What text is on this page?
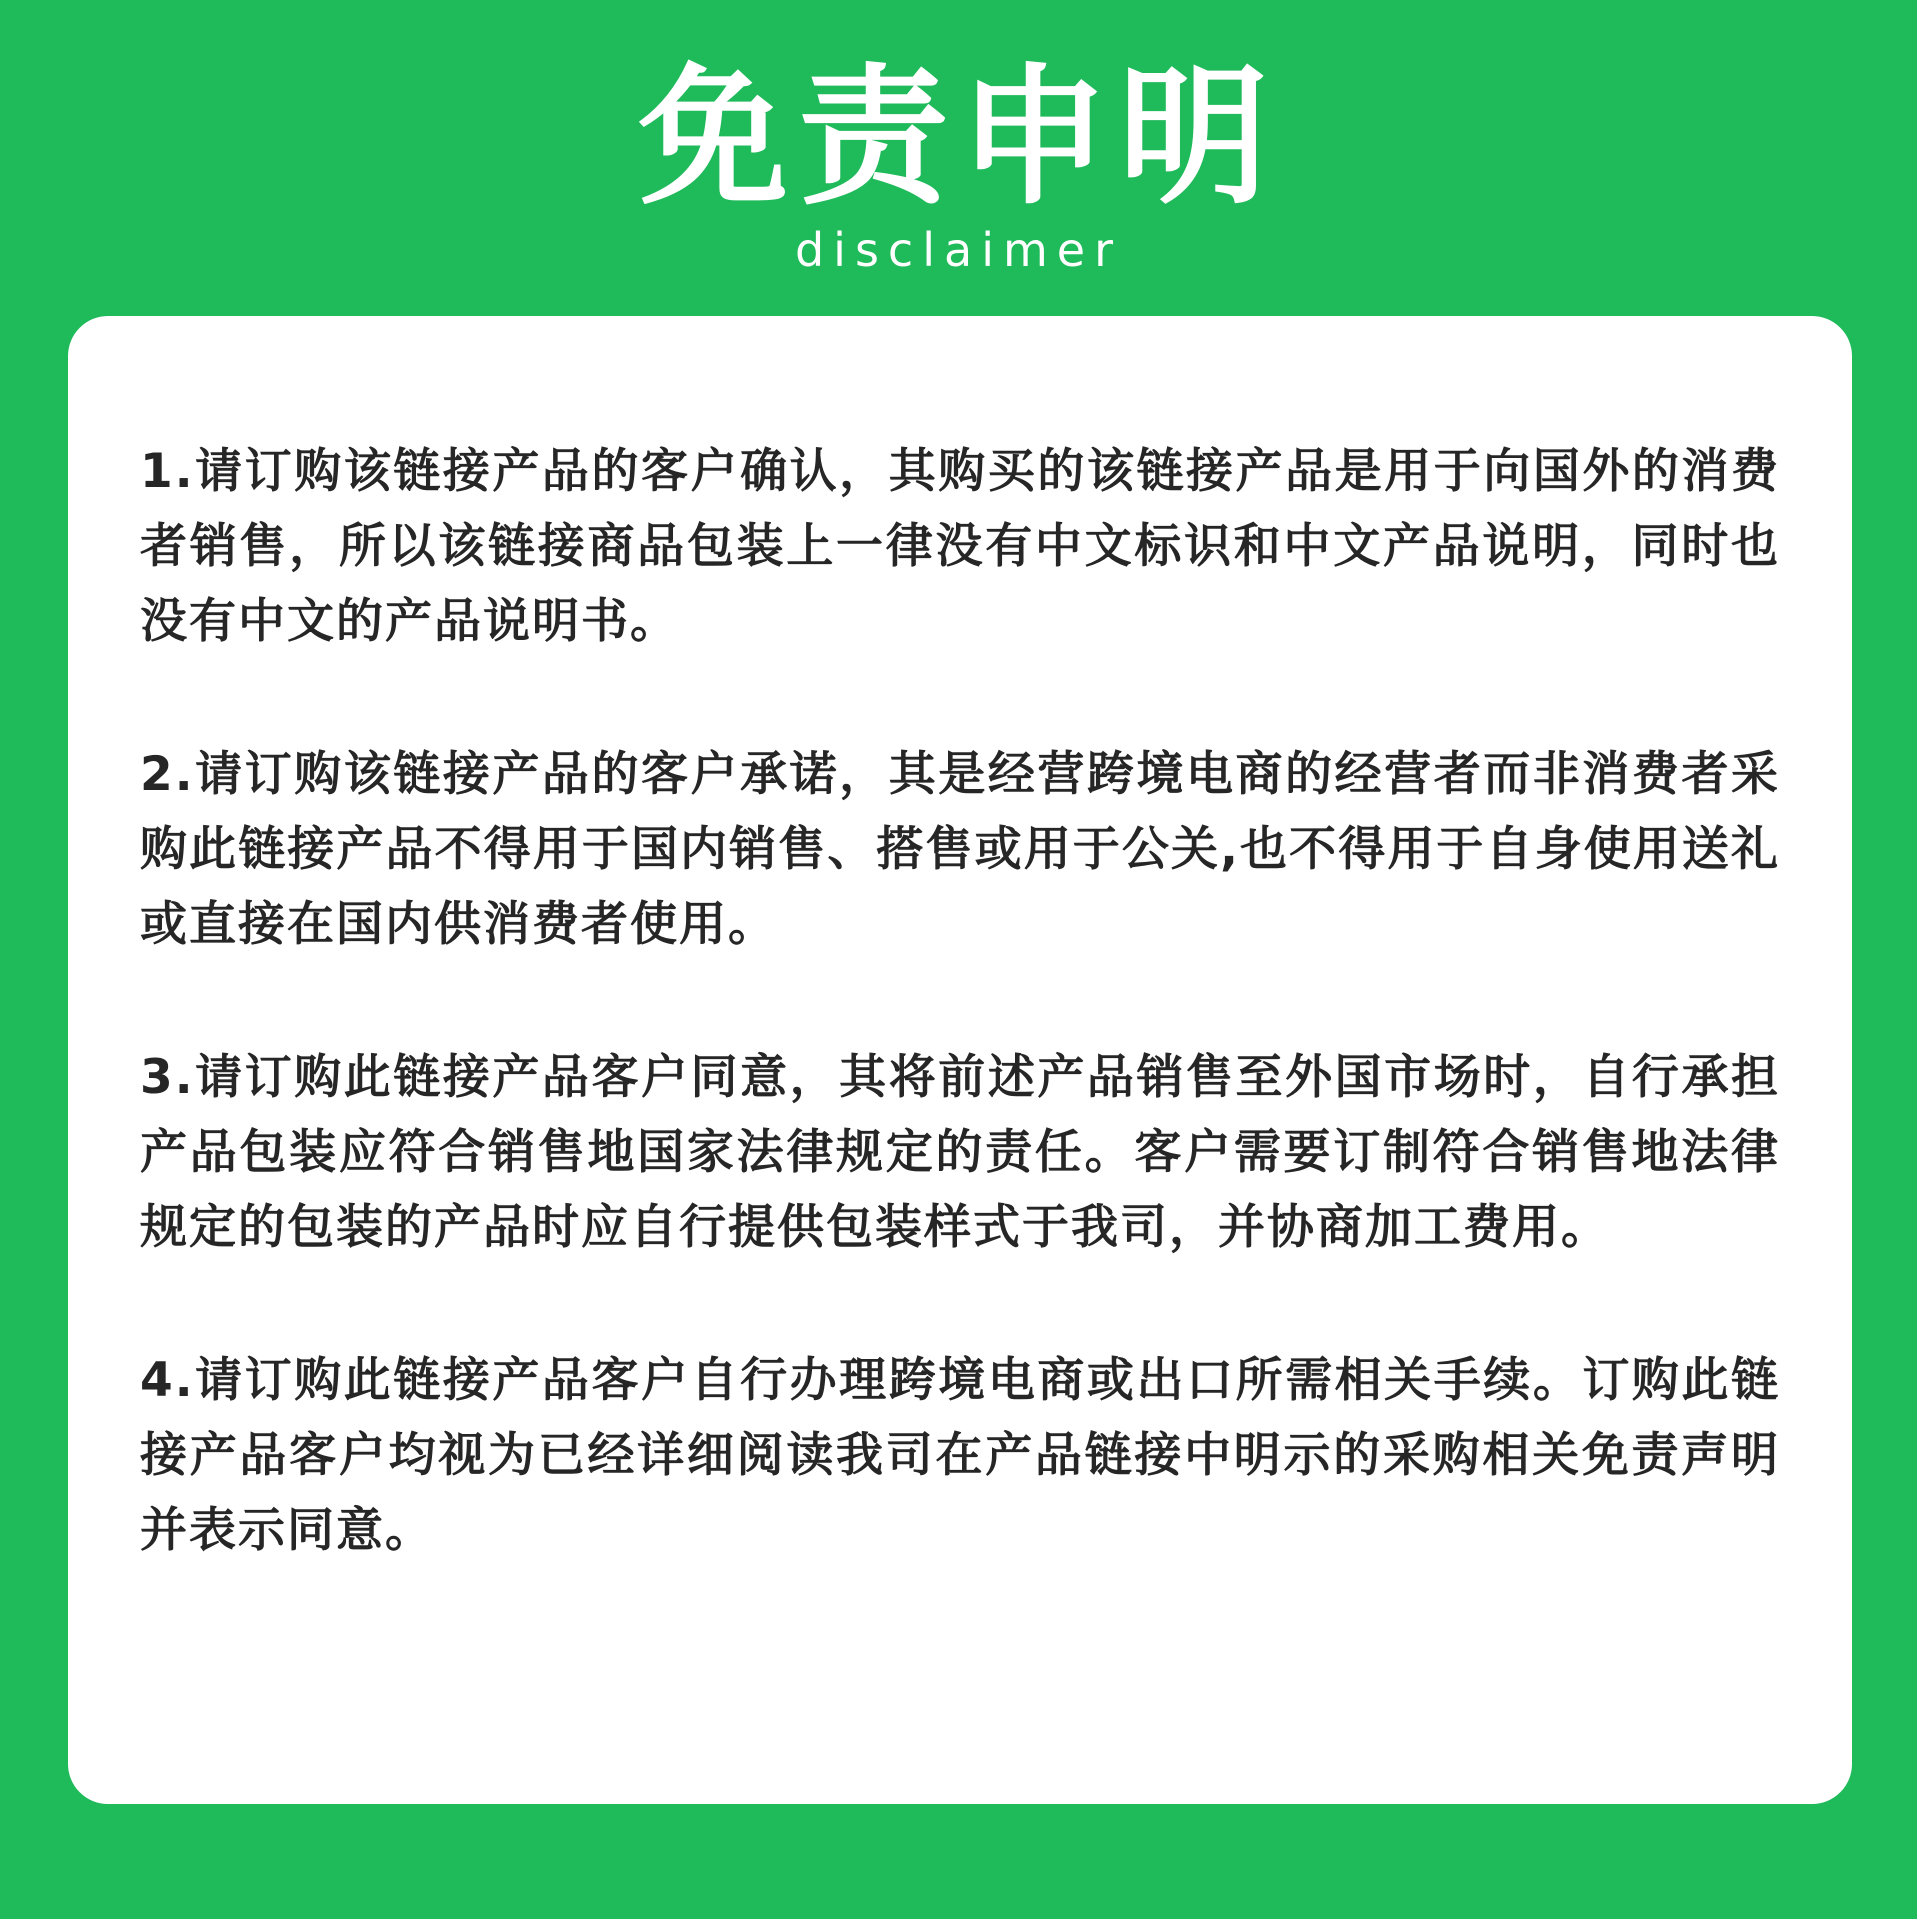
免责申明
disclaimer

1.请订购该链接产品的客户确认，其购买的该链接产品是用于向国外的消费者销售，所以该链接商品包装上一律没有中文标识和中文产品说明，同时也没有中文的产品说明书。

2.请订购该链接产品的客户承诺，其是经营跨境电商的经营者而非消费者采购此链接产品不得用于国内销售、搭售或用于公关,也不得用于自身使用送礼或直接在国内供消费者使用。

3.请订购此链接产品客户同意，其将前述产品销售至外国市场时，自行承担产品包装应符合销售地国家法律规定的责任。客户需要订制符合销售地法律规定的包装的产品时应自行提供包装样式于我司，并协商加工费用。

4.请订购此链接产品客户自行办理跨境电商或出口所需相关手续。订购此链接产品客户均视为已经详细阅读我司在产品链接中明示的采购相关免责声明并表示同意。
